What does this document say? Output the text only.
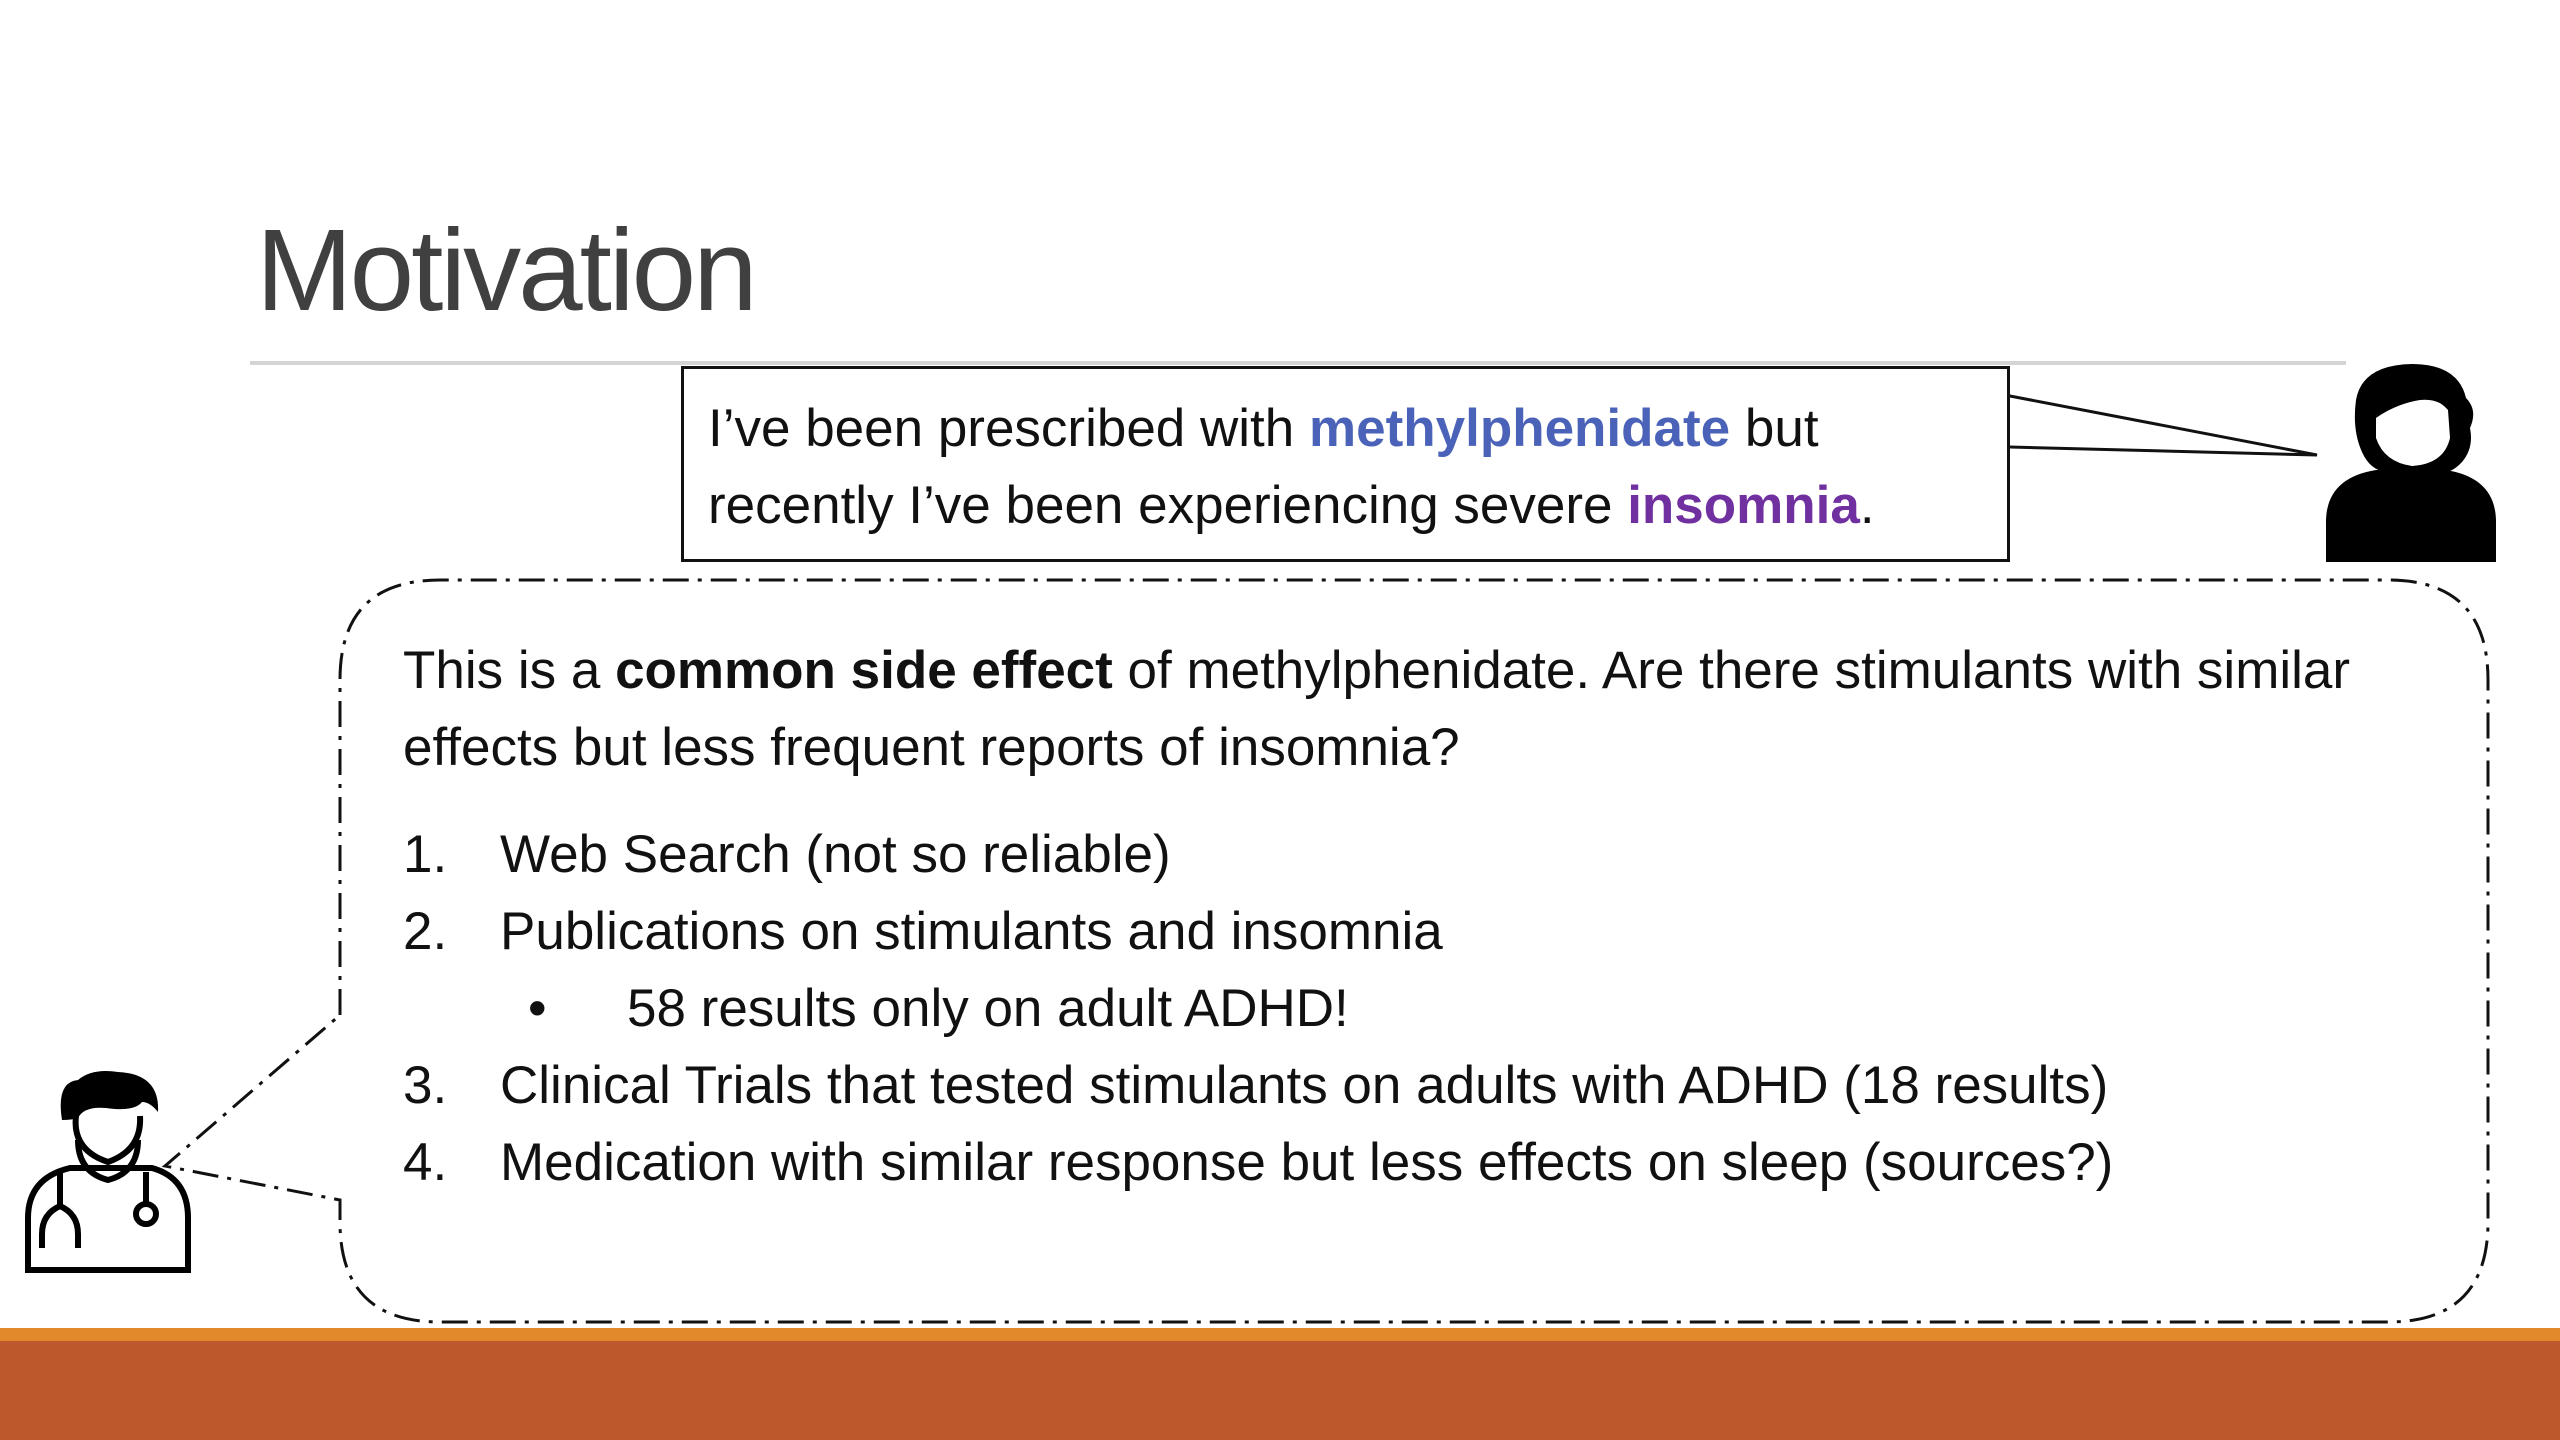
Motivation
I’ve been prescribed with methylphenidate but
recently I’ve been experiencing severe insomnia.
This is a common side effect of methylphenidate. Are there stimulants with similar effects but less frequent reports of insomnia?
1. Web Search (not so reliable)
2. Publications on stimulants and insomnia
• 58 results only on adult ADHD!
3. Clinical Trials that tested stimulants on adults with ADHD (18 results)
4. Medication with similar response but less effects on sleep (sources?)
